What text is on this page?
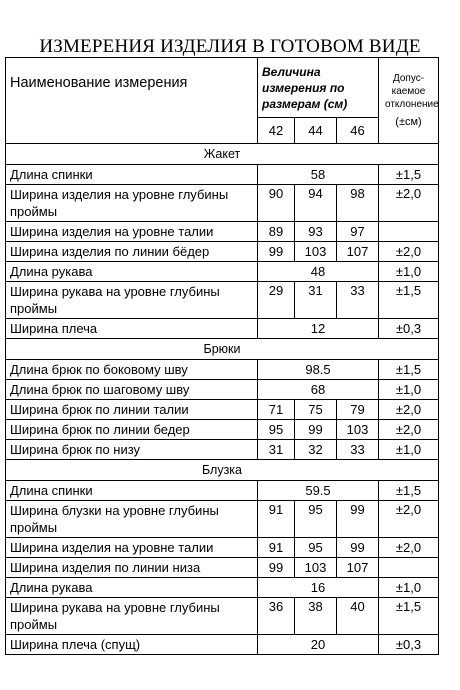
ИЗМЕРЕНИЯ ИЗДЕЛИЯ В ГОТОВОМ ВИДЕ
Наименование измерения	Величина измерения по размерам (см)			Допус-каемое отклонение
(±см)

	42	44	46	
Жакет				
Длина спинки	58			±1,5
Ширина изделия на уровне глубины проймы	90	94	98	±2,0
Ширина изделия на уровне талии	89	93	97	
Ширина изделия по линии бёдер	99	103	107	±2,0
Длина рукава	48			±1,0
Ширина рукава на уровне глубины проймы	29	31	33	±1,5
Ширина плеча	12			±0,3
Брюки				
Длина брюк по боковому шву	98.5			±1,5
Длина брюк по шаговому шву	68			±1,0
Ширина брюк по линии талии	71	75	79	±2,0
Ширина брюк по линии бедер	95	99	103	±2,0
Ширина брюк по низу	31	32	33	±1,0
Блузка				
Длина спинки	59.5			±1,5
Ширина блузки на уровне глубины проймы	91	95	99	±2,0
Ширина изделия на уровне талии	91	95	99	±2,0
Ширина изделия по линии низа	99	103	107	
Длина рукава	16			±1,0
Ширина рукава на уровне глубины проймы	36	38	40	±1,5
Ширина плеча (спущ)	20			±0,3
